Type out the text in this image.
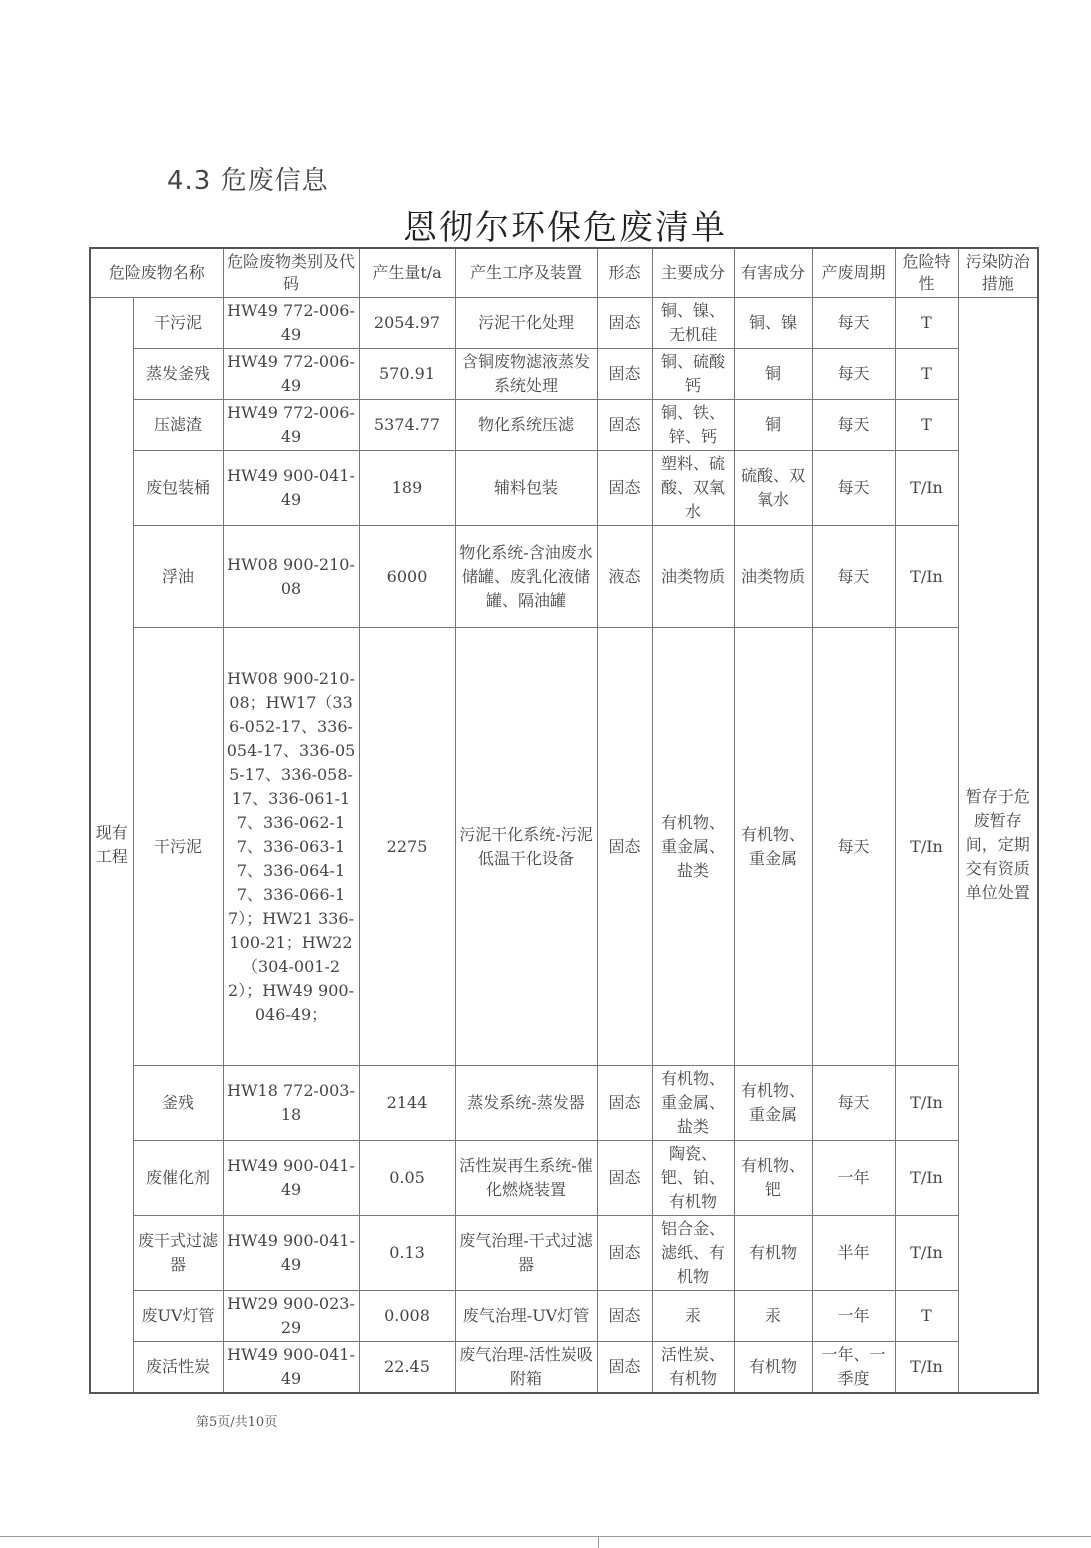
4.3 危废信息
恩彻尔环保危废清单
危险废物名称		危险废物类别及代码	产生量t/a	产生工序及装置	形态	主要成分	有害成分	产废周期	危险特性	污染防治措施
现有工程	干污泥	HW49 772-006-49	2054.97	污泥干化处理	固态	铜、镍、无机硅	铜、镍	每天	T	暂存于危废暂存间，定期交有资质单位处置
	蒸发釜残	HW49 772-006-49	570.91	含铜废物滤液蒸发系统处理	固态	铜、硫酸钙	铜	每天	T	
	压滤渣	HW49 772-006-49	5374.77	物化系统压滤	固态	铜、铁、锌、钙	铜	每天	T	
	废包装桶	HW49 900-041-49	189	辅料包装	固态	塑料、硫酸、双氧水	硫酸、双氧水	每天	T/In	
	浮油	HW08 900-210-08	6000	物化系统-含油废水储罐、废乳化液储罐、隔油罐	液态	油类物质	油类物质	每天	T/In	
	干污泥	HW08 900-210-08；HW17（336-052-17、336-054-17、336-055-17、336-058-17、336-061-17、336-062-17、336-063-17、336-064-17、336-066-17）；HW21 336-100-21；HW22（304-001-22）；HW49 900-046-49；	2275	污泥干化系统-污泥低温干化设备	固态	有机物、重金属、盐类	有机物、重金属	每天	T/In	
	釜残	HW18 772-003-18	2144	蒸发系统-蒸发器	固态	有机物、重金属、盐类	有机物、重金属	每天	T/In	
	废催化剂	HW49 900-041-49	0.05	活性炭再生系统-催化燃烧装置	固态	陶瓷、钯、铂、有机物	有机物、钯	一年	T/In	
	废干式过滤器	HW49 900-041-49	0.13	废气治理-干式过滤器	固态	铝合金、滤纸、有机物	有机物	半年	T/In	
	废UV灯管	HW29 900-023-29	0.008	废气治理-UV灯管	固态	汞	汞	一年	T	
	废活性炭	HW49 900-041-49	22.45	废气治理-活性炭吸附箱	固态	活性炭、有机物	有机物	一年、一季度	T/In	
第5页/共10页
